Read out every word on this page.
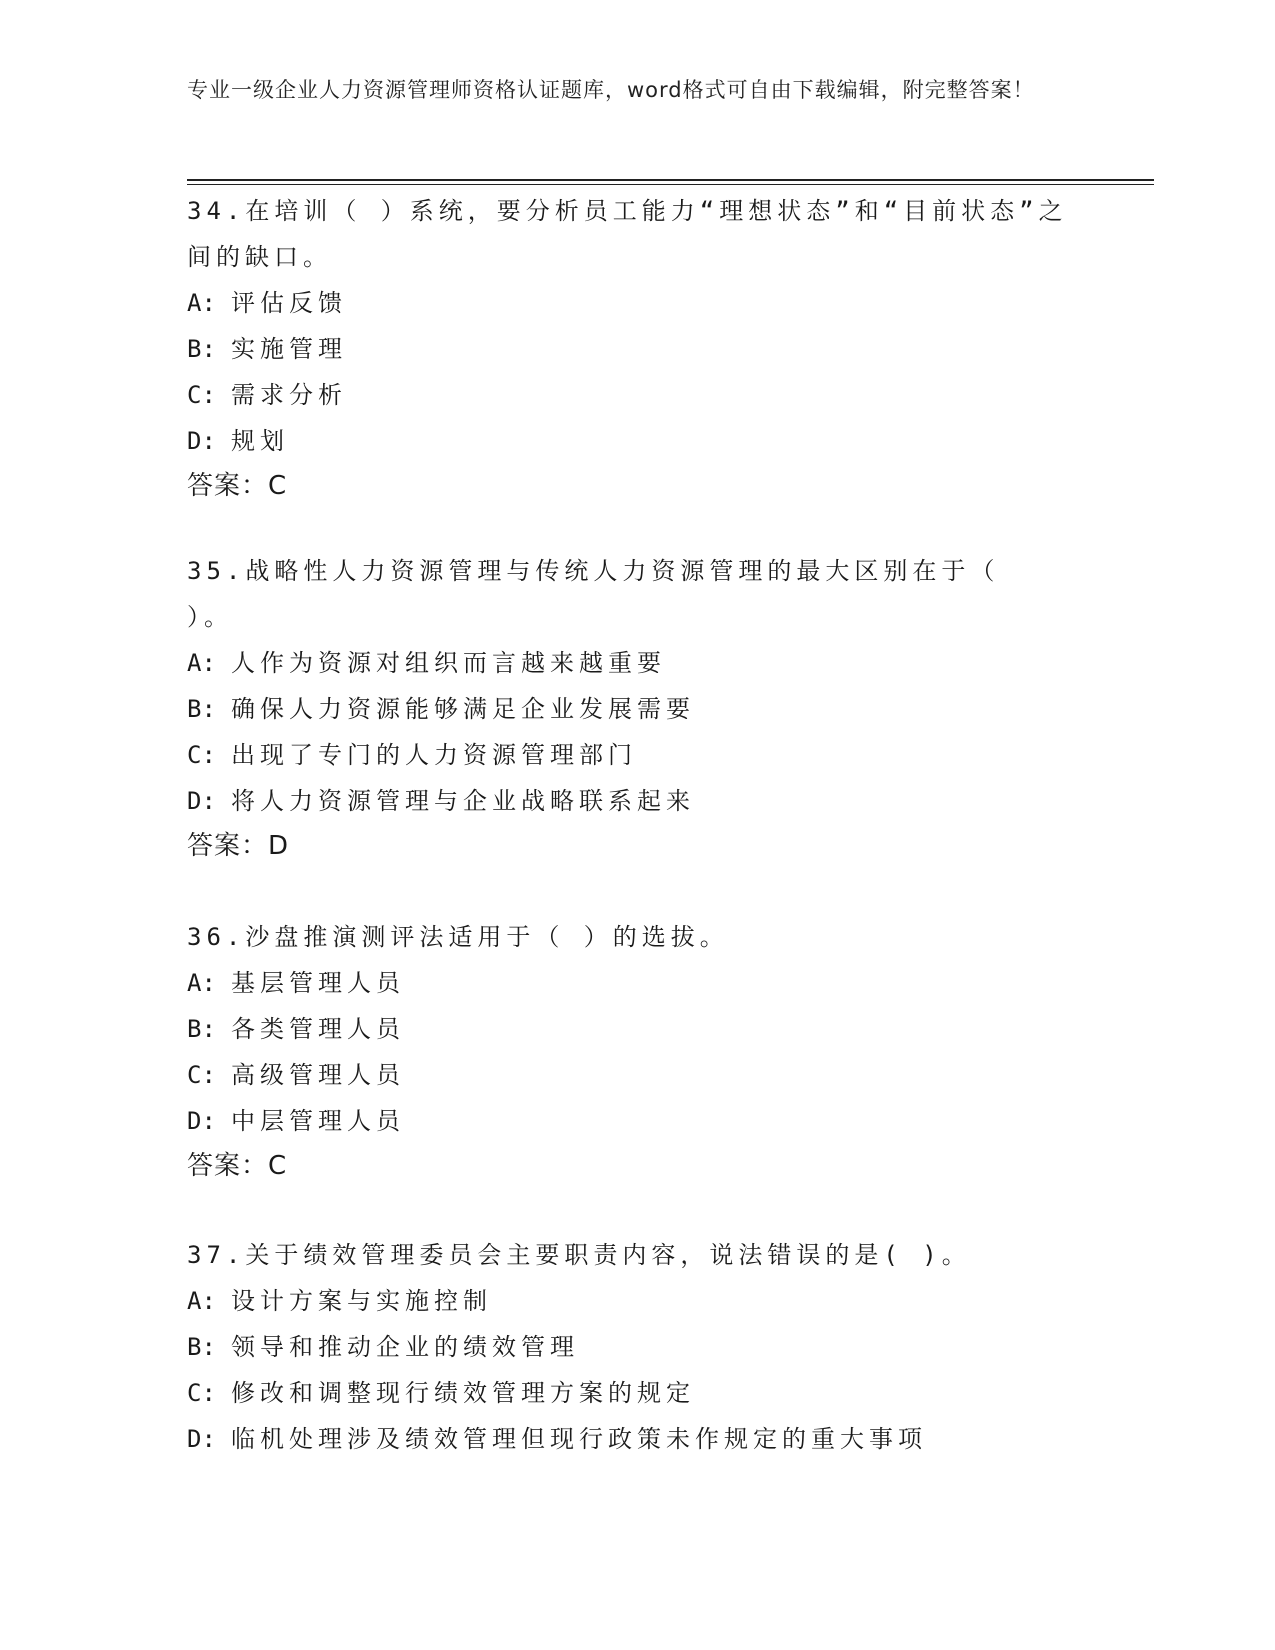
专业一级企业人力资源管理师资格认证题库，word格式可自由下载编辑，附完整答案！

34.在培训（ ）系统，要分析员工能力“理想状态”和“目前状态”之间的缺口。

A: 评估反馈

B: 实施管理

C: 需求分析

D: 规划

答案：C

35.战略性人力资源管理与传统人力资源管理的最大区别在于（　 ）。

A: 人作为资源对组织而言越来越重要

B: 确保人力资源能够满足企业发展需要

C: 出现了专门的人力资源管理部门

D: 将人力资源管理与企业战略联系起来

答案：D

36.沙盘推演测评法适用于（ ）的选拔。

A: 基层管理人员

B: 各类管理人员

C: 高级管理人员

D: 中层管理人员

答案：C

37.关于绩效管理委员会主要职责内容，说法错误的是( )。

A: 设计方案与实施控制

B: 领导和推动企业的绩效管理

C: 修改和调整现行绩效管理方案的规定

D: 临机处理涉及绩效管理但现行政策未作规定的重大事项
